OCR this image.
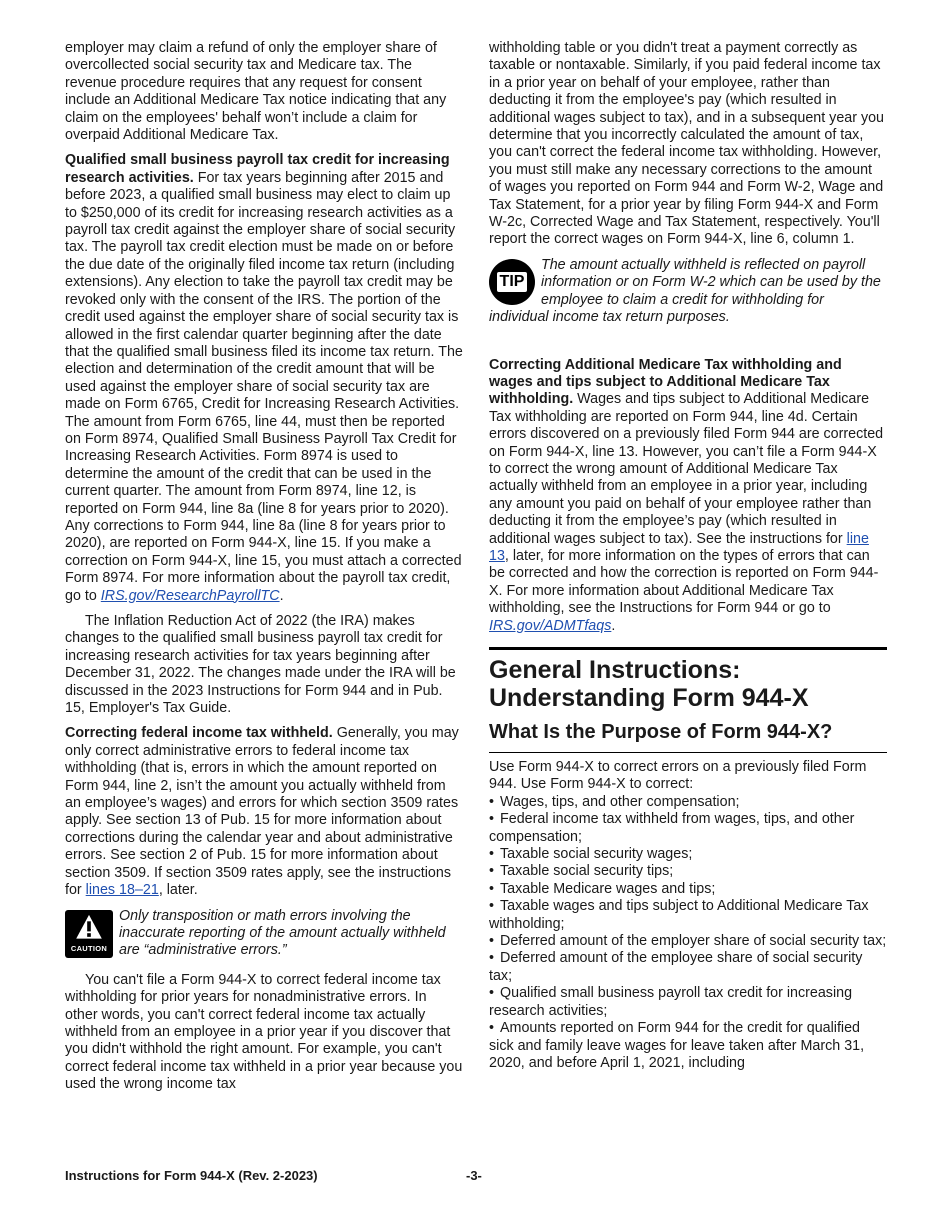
employer may claim a refund of only the employer share of overcollected social security tax and Medicare tax. The revenue procedure requires that any request for consent include an Additional Medicare Tax notice indicating that any claim on the employees' behalf won’t include a claim for overpaid Additional Medicare Tax.

Qualified small business payroll tax credit for increasing research activities. For tax years beginning after 2015 and before 2023, a qualified small business may elect to claim up to $250,000 of its credit for increasing research activities as a payroll tax credit against the employer share of social security tax. The payroll tax credit election must be made on or before the due date of the originally filed income tax return (including extensions). Any election to take the payroll tax credit may be revoked only with the consent of the IRS. The portion of the credit used against the employer share of social security tax is allowed in the first calendar quarter beginning after the date that the qualified small business filed its income tax return. The election and determination of the credit amount that will be used against the employer share of social security tax are made on Form 6765, Credit for Increasing Research Activities. The amount from Form 6765, line 44, must then be reported on Form 8974, Qualified Small Business Payroll Tax Credit for Increasing Research Activities. Form 8974 is used to determine the amount of the credit that can be used in the current quarter. The amount from Form 8974, line 12, is reported on Form 944, line 8a (line 8 for years prior to 2020). Any corrections to Form 944, line 8a (line 8 for years prior to 2020), are reported on Form 944-X, line 15. If you make a correction on Form 944-X, line 15, you must attach a corrected Form 8974. For more information about the payroll tax credit, go to IRS.gov/ResearchPayrollTC.

The Inflation Reduction Act of 2022 (the IRA) makes changes to the qualified small business payroll tax credit for increasing research activities for tax years beginning after December 31, 2022. The changes made under the IRA will be discussed in the 2023 Instructions for Form 944 and in Pub. 15, Employer's Tax Guide.

Correcting federal income tax withheld. Generally, you may only correct administrative errors to federal income tax withholding (that is, errors in which the amount reported on Form 944, line 2, isn’t the amount you actually withheld from an employee’s wages) and errors for which section 3509 rates apply. See section 13 of Pub. 15 for more information about corrections during the calendar year and about administrative errors. See section 2 of Pub. 15 for more information about section 3509. If section 3509 rates apply, see the instructions for lines 18–21, later.

CAUTION
Only transposition or math errors involving the inaccurate reporting of the amount actually withheld are “administrative errors.”

You can't file a Form 944-X to correct federal income tax withholding for prior years for nonadministrative errors. In other words, you can't correct federal income tax actually withheld from an employee in a prior year if you discover that you didn't withhold the right amount. For example, you can't correct federal income tax withheld in a prior year because you used the wrong income tax

withholding table or you didn't treat a payment correctly as taxable or nontaxable. Similarly, if you paid federal income tax in a prior year on behalf of your employee, rather than deducting it from the employee's pay (which resulted in additional wages subject to tax), and in a subsequent year you determine that you incorrectly calculated the amount of tax, you can't correct the federal income tax withholding. However, you must still make any necessary corrections to the amount of wages you reported on Form 944 and Form W-2, Wage and Tax Statement, for a prior year by filing Form 944-X and Form W-2c, Corrected Wage and Tax Statement, respectively. You'll report the correct wages on Form 944-X, line 6, column 1.

TIP
The amount actually withheld is reflected on payroll information or on Form W-2 which can be used by the employee to claim a credit for withholding for individual income tax return purposes.

Correcting Additional Medicare Tax withholding and wages and tips subject to Additional Medicare Tax withholding. Wages and tips subject to Additional Medicare Tax withholding are reported on Form 944, line 4d. Certain errors discovered on a previously filed Form 944 are corrected on Form 944-X, line 13. However, you can’t file a Form 944-X to correct the wrong amount of Additional Medicare Tax actually withheld from an employee in a prior year, including any amount you paid on behalf of your employee rather than deducting it from the employee’s pay (which resulted in additional wages subject to tax). See the instructions for line 13, later, for more information on the types of errors that can be corrected and how the correction is reported on Form 944-X. For more information about Additional Medicare Tax withholding, see the Instructions for Form 944 or go to IRS.gov/ADMTfaqs.

General Instructions: Understanding Form 944-X
What Is the Purpose of Form 944-X?

Use Form 944-X to correct errors on a previously filed Form 944. Use Form 944-X to correct:

• Wages, tips, and other compensation;
• Federal income tax withheld from wages, tips, and other compensation;
• Taxable social security wages;
• Taxable social security tips;
• Taxable Medicare wages and tips;
• Taxable wages and tips subject to Additional Medicare Tax withholding;
• Deferred amount of the employer share of social security tax;
• Deferred amount of the employee share of social security tax;
• Qualified small business payroll tax credit for increasing research activities;
• Amounts reported on Form 944 for the credit for qualified sick and family leave wages for leave taken after March 31, 2020, and before April 1, 2021, including
Instructions for Form 944-X (Rev. 2-2023)	-3-
